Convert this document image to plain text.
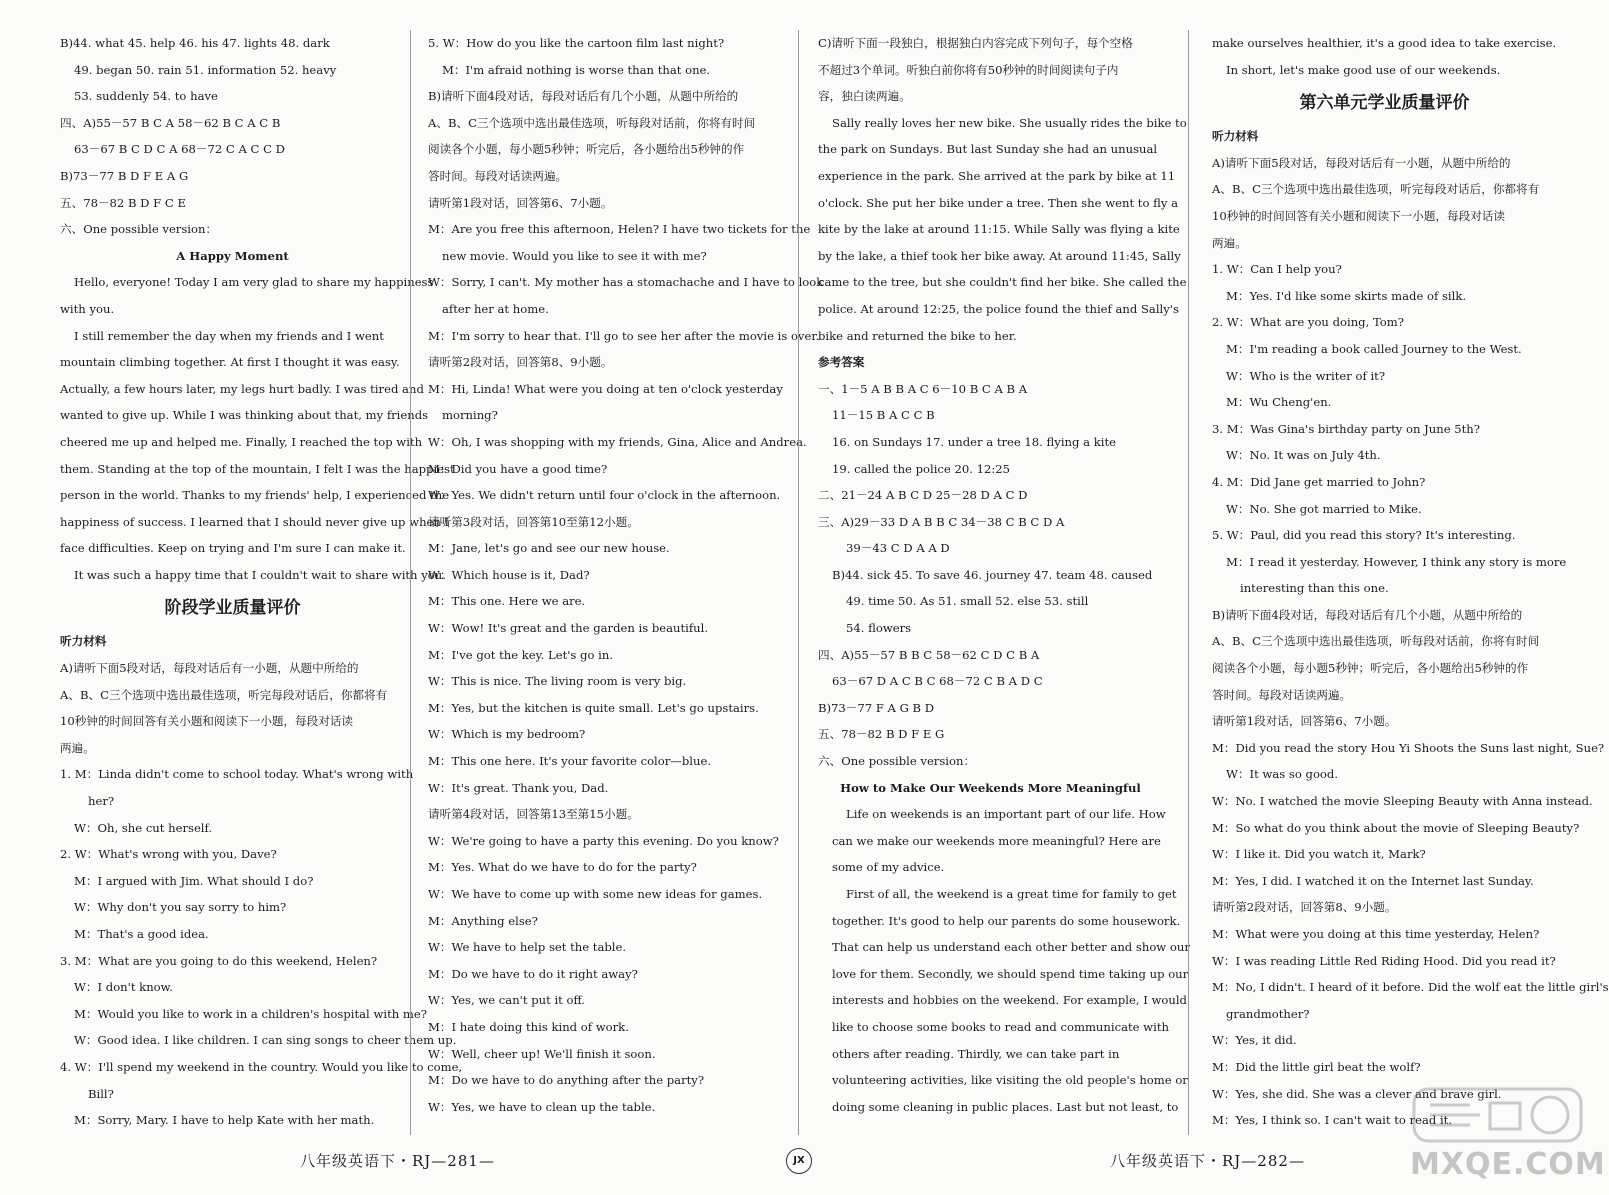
B)44. what 45. help 46. his 47. lights 48. dark
49. began 50. rain 51. information 52. heavy
53. suddenly 54. to have
四、A)55－57 B C A 58－62 B C A C B
63－67 B C D C A 68－72 C A C C D
B)73－77 B D F E A G
五、78－82 B D F C E
六、One possible version：
A Happy Moment
Hello, everyone! Today I am very glad to share my happiness
with you.
I still remember the day when my friends and I went
mountain climbing together. At first I thought it was easy.
Actually, a few hours later, my legs hurt badly. I was tired and
wanted to give up. While I was thinking about that, my friends
cheered me up and helped me. Finally, I reached the top with
them. Standing at the top of the mountain, I felt I was the happiest
person in the world. Thanks to my friends' help, I experienced the
happiness of success. I learned that I should never give up when I
face difficulties. Keep on trying and I'm sure I can make it.
It was such a happy time that I couldn't wait to share with you.
阶段学业质量评价
听力材料
A)请听下面5段对话，每段对话后有一小题，从题中所给的
A、B、C三个选项中选出最佳选项，听完每段对话后，你都将有
10秒钟的时间回答有关小题和阅读下一小题，每段对话读
两遍。
1. M：Linda didn't come to school today. What's wrong with
her?
W：Oh, she cut herself.
2. W：What's wrong with you, Dave?
M：I argued with Jim. What should I do?
W：Why don't you say sorry to him?
M：That's a good idea.
3. M：What are you going to do this weekend, Helen?
W：I don't know.
M：Would you like to work in a children's hospital with me?
W：Good idea. I like children. I can sing songs to cheer them up.
4. W：I'll spend my weekend in the country. Would you like to come,
Bill?
M：Sorry, Mary. I have to help Kate with her math.
5. W：How do you like the cartoon film last night?
M：I'm afraid nothing is worse than that one.
B)请听下面4段对话，每段对话后有几个小题，从题中所给的
A、B、C三个选项中选出最佳选项，听每段对话前，你将有时间
阅读各个小题，每小题5秒钟；听完后，各小题给出5秒钟的作
答时间。每段对话读两遍。
请听第1段对话，回答第6、7小题。
M：Are you free this afternoon, Helen? I have two tickets for the
new movie. Would you like to see it with me?
W：Sorry, I can't. My mother has a stomachache and I have to look
after her at home.
M：I'm sorry to hear that. I'll go to see her after the movie is over.
请听第2段对话，回答第8、9小题。
M：Hi, Linda! What were you doing at ten o'clock yesterday
morning?
W：Oh, I was shopping with my friends, Gina, Alice and Andrea.
M：Did you have a good time?
W：Yes. We didn't return until four o'clock in the afternoon.
请听第3段对话，回答第10至第12小题。
M：Jane, let's go and see our new house.
W：Which house is it, Dad?
M：This one. Here we are.
W：Wow! It's great and the garden is beautiful.
M：I've got the key. Let's go in.
W：This is nice. The living room is very big.
M：Yes, but the kitchen is quite small. Let's go upstairs.
W：Which is my bedroom?
M：This one here. It's your favorite color—blue.
W：It's great. Thank you, Dad.
请听第4段对话，回答第13至第15小题。
W：We're going to have a party this evening. Do you know?
M：Yes. What do we have to do for the party?
W：We have to come up with some new ideas for games.
M：Anything else?
W：We have to help set the table.
M：Do we have to do it right away?
W：Yes, we can't put it off.
M：I hate doing this kind of work.
W：Well, cheer up! We'll finish it soon.
M：Do we have to do anything after the party?
W：Yes, we have to clean up the table.
C)请听下面一段独白，根据独白内容完成下列句子，每个空格
不超过3个单词。听独白前你将有50秒钟的时间阅读句子内
容，独白读两遍。
Sally really loves her new bike. She usually rides the bike to
the park on Sundays. But last Sunday she had an unusual
experience in the park. She arrived at the park by bike at 11
o'clock. She put her bike under a tree. Then she went to fly a
kite by the lake at around 11:15. While Sally was flying a kite
by the lake, a thief took her bike away. At around 11:45, Sally
came to the tree, but she couldn't find her bike. She called the
police. At around 12:25, the police found the thief and Sally's
bike and returned the bike to her.
参考答案
一、1－5 A B B A C 6－10 B C A B A
11－15 B A C C B
16. on Sundays 17. under a tree 18. flying a kite
19. called the police 20. 12:25
二、21－24 A B C D 25－28 D A C D
三、A)29－33 D A B B C 34－38 C B C D A
39－43 C D A A D
B)44. sick 45. To save 46. journey 47. team 48. caused
49. time 50. As 51. small 52. else 53. still
54. flowers
四、A)55－57 B B C 58－62 C D C B A
63－67 D A C B C 68－72 C B A D C
B)73－77 F A G B D
五、78－82 B D F E G
六、One possible version：
How to Make Our Weekends More Meaningful
Life on weekends is an important part of our life. How
can we make our weekends more meaningful? Here are
some of my advice.
First of all, the weekend is a great time for family to get
together. It's good to help our parents do some housework.
That can help us understand each other better and show our
love for them. Secondly, we should spend time taking up our
interests and hobbies on the weekend. For example, I would
like to choose some books to read and communicate with
others after reading. Thirdly, we can take part in
volunteering activities, like visiting the old people's home or
doing some cleaning in public places. Last but not least, to
make ourselves healthier, it's a good idea to take exercise.
In short, let's make good use of our weekends.
第六单元学业质量评价
听力材料
A)请听下面5段对话，每段对话后有一小题，从题中所给的
A、B、C三个选项中选出最佳选项，听完每段对话后，你都将有
10秒钟的时间回答有关小题和阅读下一小题，每段对话读
两遍。
1. W：Can I help you?
M：Yes. I'd like some skirts made of silk.
2. W：What are you doing, Tom?
M：I'm reading a book called Journey to the West.
W：Who is the writer of it?
M：Wu Cheng'en.
3. M：Was Gina's birthday party on June 5th?
W：No. It was on July 4th.
4. M：Did Jane get married to John?
W：No. She got married to Mike.
5. W：Paul, did you read this story? It's interesting.
M：I read it yesterday. However, I think any story is more
interesting than this one.
B)请听下面4段对话，每段对话后有几个小题，从题中所给的
A、B、C三个选项中选出最佳选项，听每段对话前，你将有时间
阅读各个小题，每小题5秒钟；听完后，各小题给出5秒钟的作
答时间。每段对话读两遍。
请听第1段对话，回答第6、7小题。
M：Did you read the story Hou Yi Shoots the Suns last night, Sue?
W：It was so good.
W：No. I watched the movie Sleeping Beauty with Anna instead.
M：So what do you think about the movie of Sleeping Beauty?
W：I like it. Did you watch it, Mark?
M：Yes, I did. I watched it on the Internet last Sunday.
请听第2段对话，回答第8、9小题。
M：What were you doing at this time yesterday, Helen?
W：I was reading Little Red Riding Hood. Did you read it?
M：No, I didn't. I heard of it before. Did the wolf eat the little girl's
grandmother?
W：Yes, it did.
M：Did the little girl beat the wolf?
W：Yes, she did. She was a clever and brave girl.
M：Yes, I think so. I can't wait to read it.
八年级英语下・RJ—281—	JX	八年级英语下・RJ—282—	MXQE.COM
